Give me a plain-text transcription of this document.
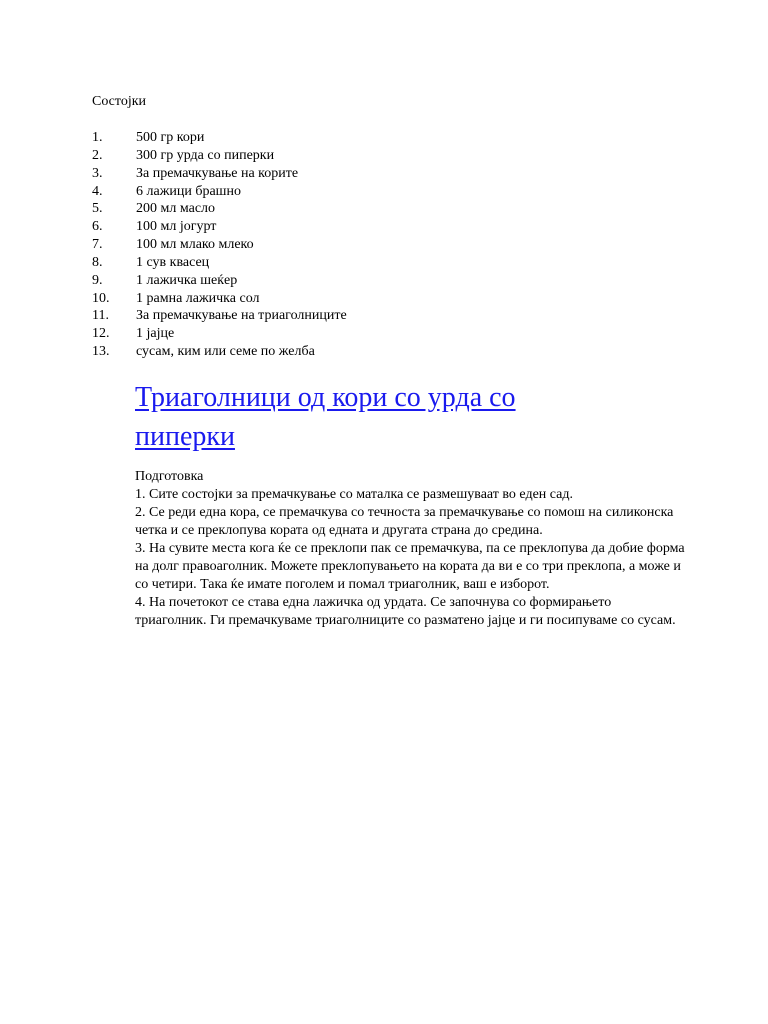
Состојки
1.	500 гр кори
2.	300 гр урда со пиперки
3.	За премачкување на корите
4.	6 лажици брашно
5.	200 мл масло
6.	100 мл јогурт
7.	100 мл млако млеко
8.	1 сув квасец
9.	1 лажичка шеќер
10.	1 рамна лажичка сол
11.	За премачкување на триаголниците
12.	1 јајце
13.	сусам, ким или семе по желба
Триаголници од кори со урда со пиперки

Подготовка

1. Сите состојки за премачкување со маталка се размешуваат во еден сад.

2. Се реди една кора, се премачкува со течноста за премачкување со помош на силиконска четка и се преклопува кората од едната и другата страна до средина.

3. На сувите места кога ќе се преклопи пак се премачкува, па се преклопува да добие форма на долг правоаголник. Можете преклопувањето на кората да ви е со три преклопа, а може и со четири. Така ќе имате поголем и помал триаголник, ваш е изборот.

4. На почетокот се става една лажичка од урдата. Се започнува со формирањето триаголник. Ги премачкуваме триаголниците со разматено јајце и ги посипуваме со сусам.
